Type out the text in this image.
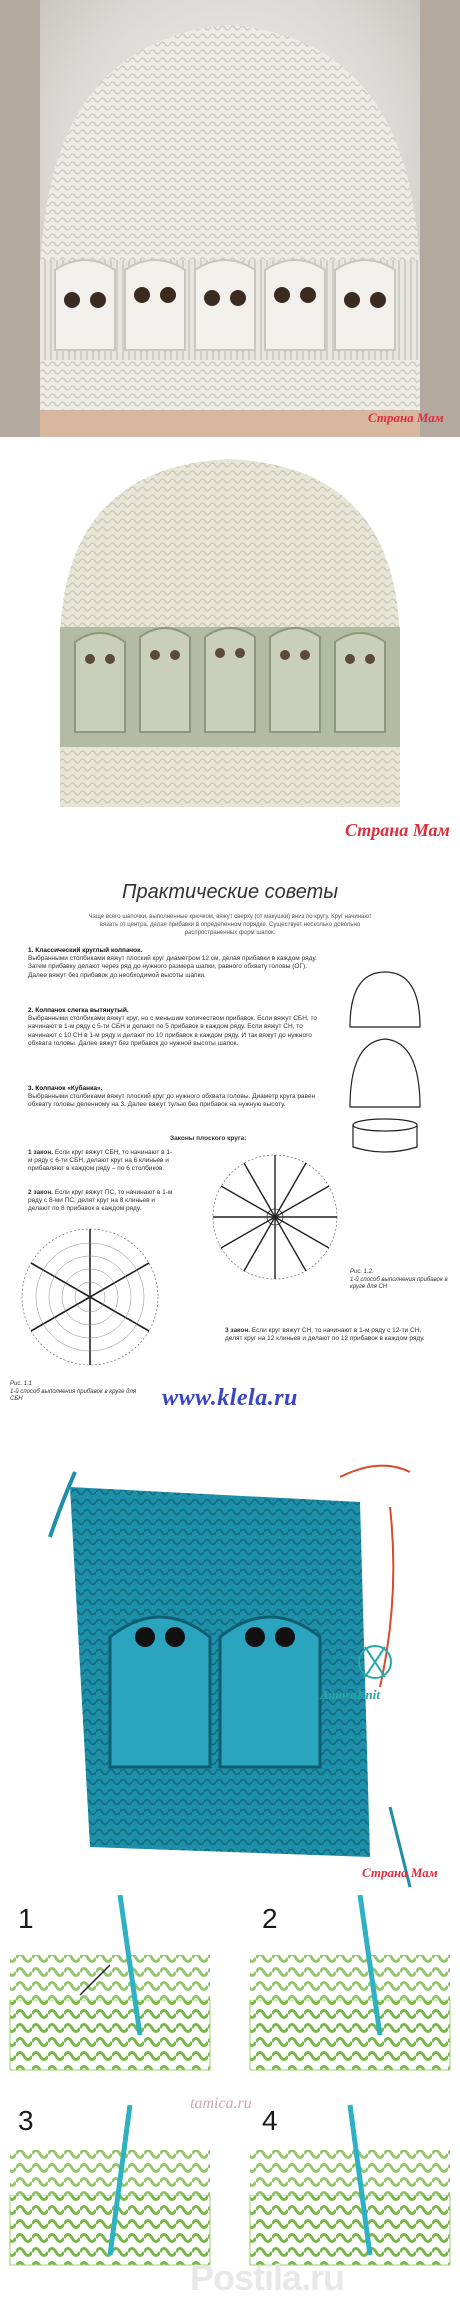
Страна Мам
Страна Мам
Практические советы
Чаще всего шапочки, выполненные крючком, вяжут сверху (от макушки) вниз по кругу. Круг начинают вязать от центра, делая прибавки в определенном порядке. Существует несколько довольно распространенных форм шапок.
1. Классический круглый колпачок.
Выбранными столбиками вяжут плоский круг диаметром 12 см, делая прибавки в каждом ряду. Затем прибавку делают через ряд до нужного размера шапки, равного обхвату головы (ОГ). Далее вяжут без прибавок до необходимой высоты шапки.
2. Колпачок слегка вытянутый.
Выбранными столбиками вяжут круг, но с меньшим количеством прибавок. Если вяжут СБН, то начинают в 1-м ряду с 5-ти СБН и делают по 5 прибавок в каждом ряду. Если вяжут СН, то начинают с 10 СН в 1-м ряду и делают по 10 прибавок в каждом ряду. И так вяжут до нужного обхвата головы. Далее вяжут без прибавок до нужной высоты шапок.
3. Колпачок «Кубанка».
Выбранными столбиками вяжут плоский круг до нужного обхвата головы. Диаметр круга равен обхвату головы деленному на 3. Далее вяжут тулью без прибавок на нужную высоту.
Законы плоского круга:
1 закон. Если круг вяжут СБН, то начинают в 1-м ряду с 6-ти СБН, делают круг на 6 клиньев и прибавляют в каждом ряду – по 6 столбиков.
2 закон. Если круг вяжут ПС, то начинают в 1-м ряду с 8-ми ПС, делят круг на 8 клиньев и делают по 8 прибавок в каждом ряду.
3 закон. Если круг вяжут СН, то начинают в 1-м ряду с 12-ти СН, делят круг на 12 клиньев и делают по 12 прибавок в каждом ряду.
Рис. 1.1
1-й способ выполнения прибавок в круге для СБН
Рис. 1.2.
1-й способ выполнения прибавок в круге для СН
www.klela.ru
AmoraKnit
Страна Мам
1	2
3	4
tamica.ru
Postila.ru
